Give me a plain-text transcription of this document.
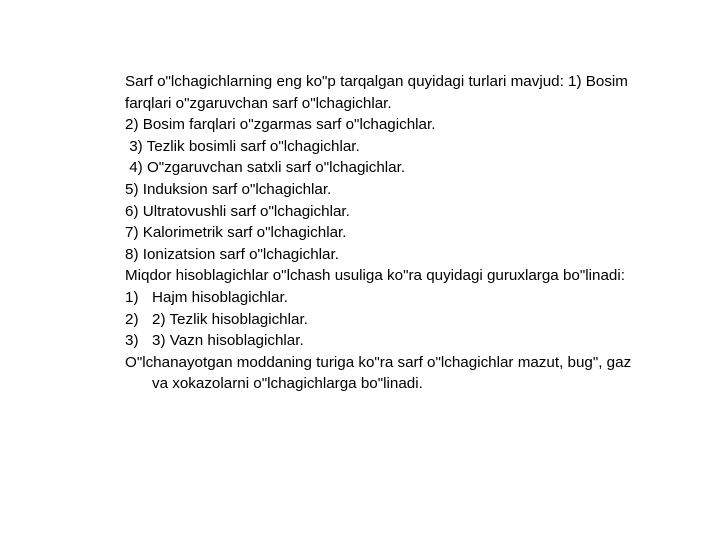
Sarf o"lchagichlarning eng ko"p tarqalgan quyidagi turlari mavjud: 1) Bosim farqlari o"zgaruvchan sarf o"lchagichlar.
2) Bosim farqlari o"zgarmas sarf o"lchagichlar.
3) Tezlik bosimli sarf o"lchagichlar.
4) O"zgaruvchan satxli sarf o"lchagichlar.
5) Induksion sarf o"lchagichlar.
6) Ultratovushli sarf o"lchagichlar.
7) Kalorimetrik sarf o"lchagichlar.
8) Ionizatsion sarf o"lchagichlar.
Miqdor hisoblagichlar o"lchash usuliga ko"ra quyidagi guruxlarga bo"linadi:
1) Hajm hisoblagichlar.
2) 2) Tezlik hisoblagichlar.
3) 3) Vazn hisoblagichlar.
O"lchanayotgan moddaning turiga ko"ra sarf o"lchagichlar mazut, bug", gaz va xokazolarni o"lchagichlarga bo"linadi.
